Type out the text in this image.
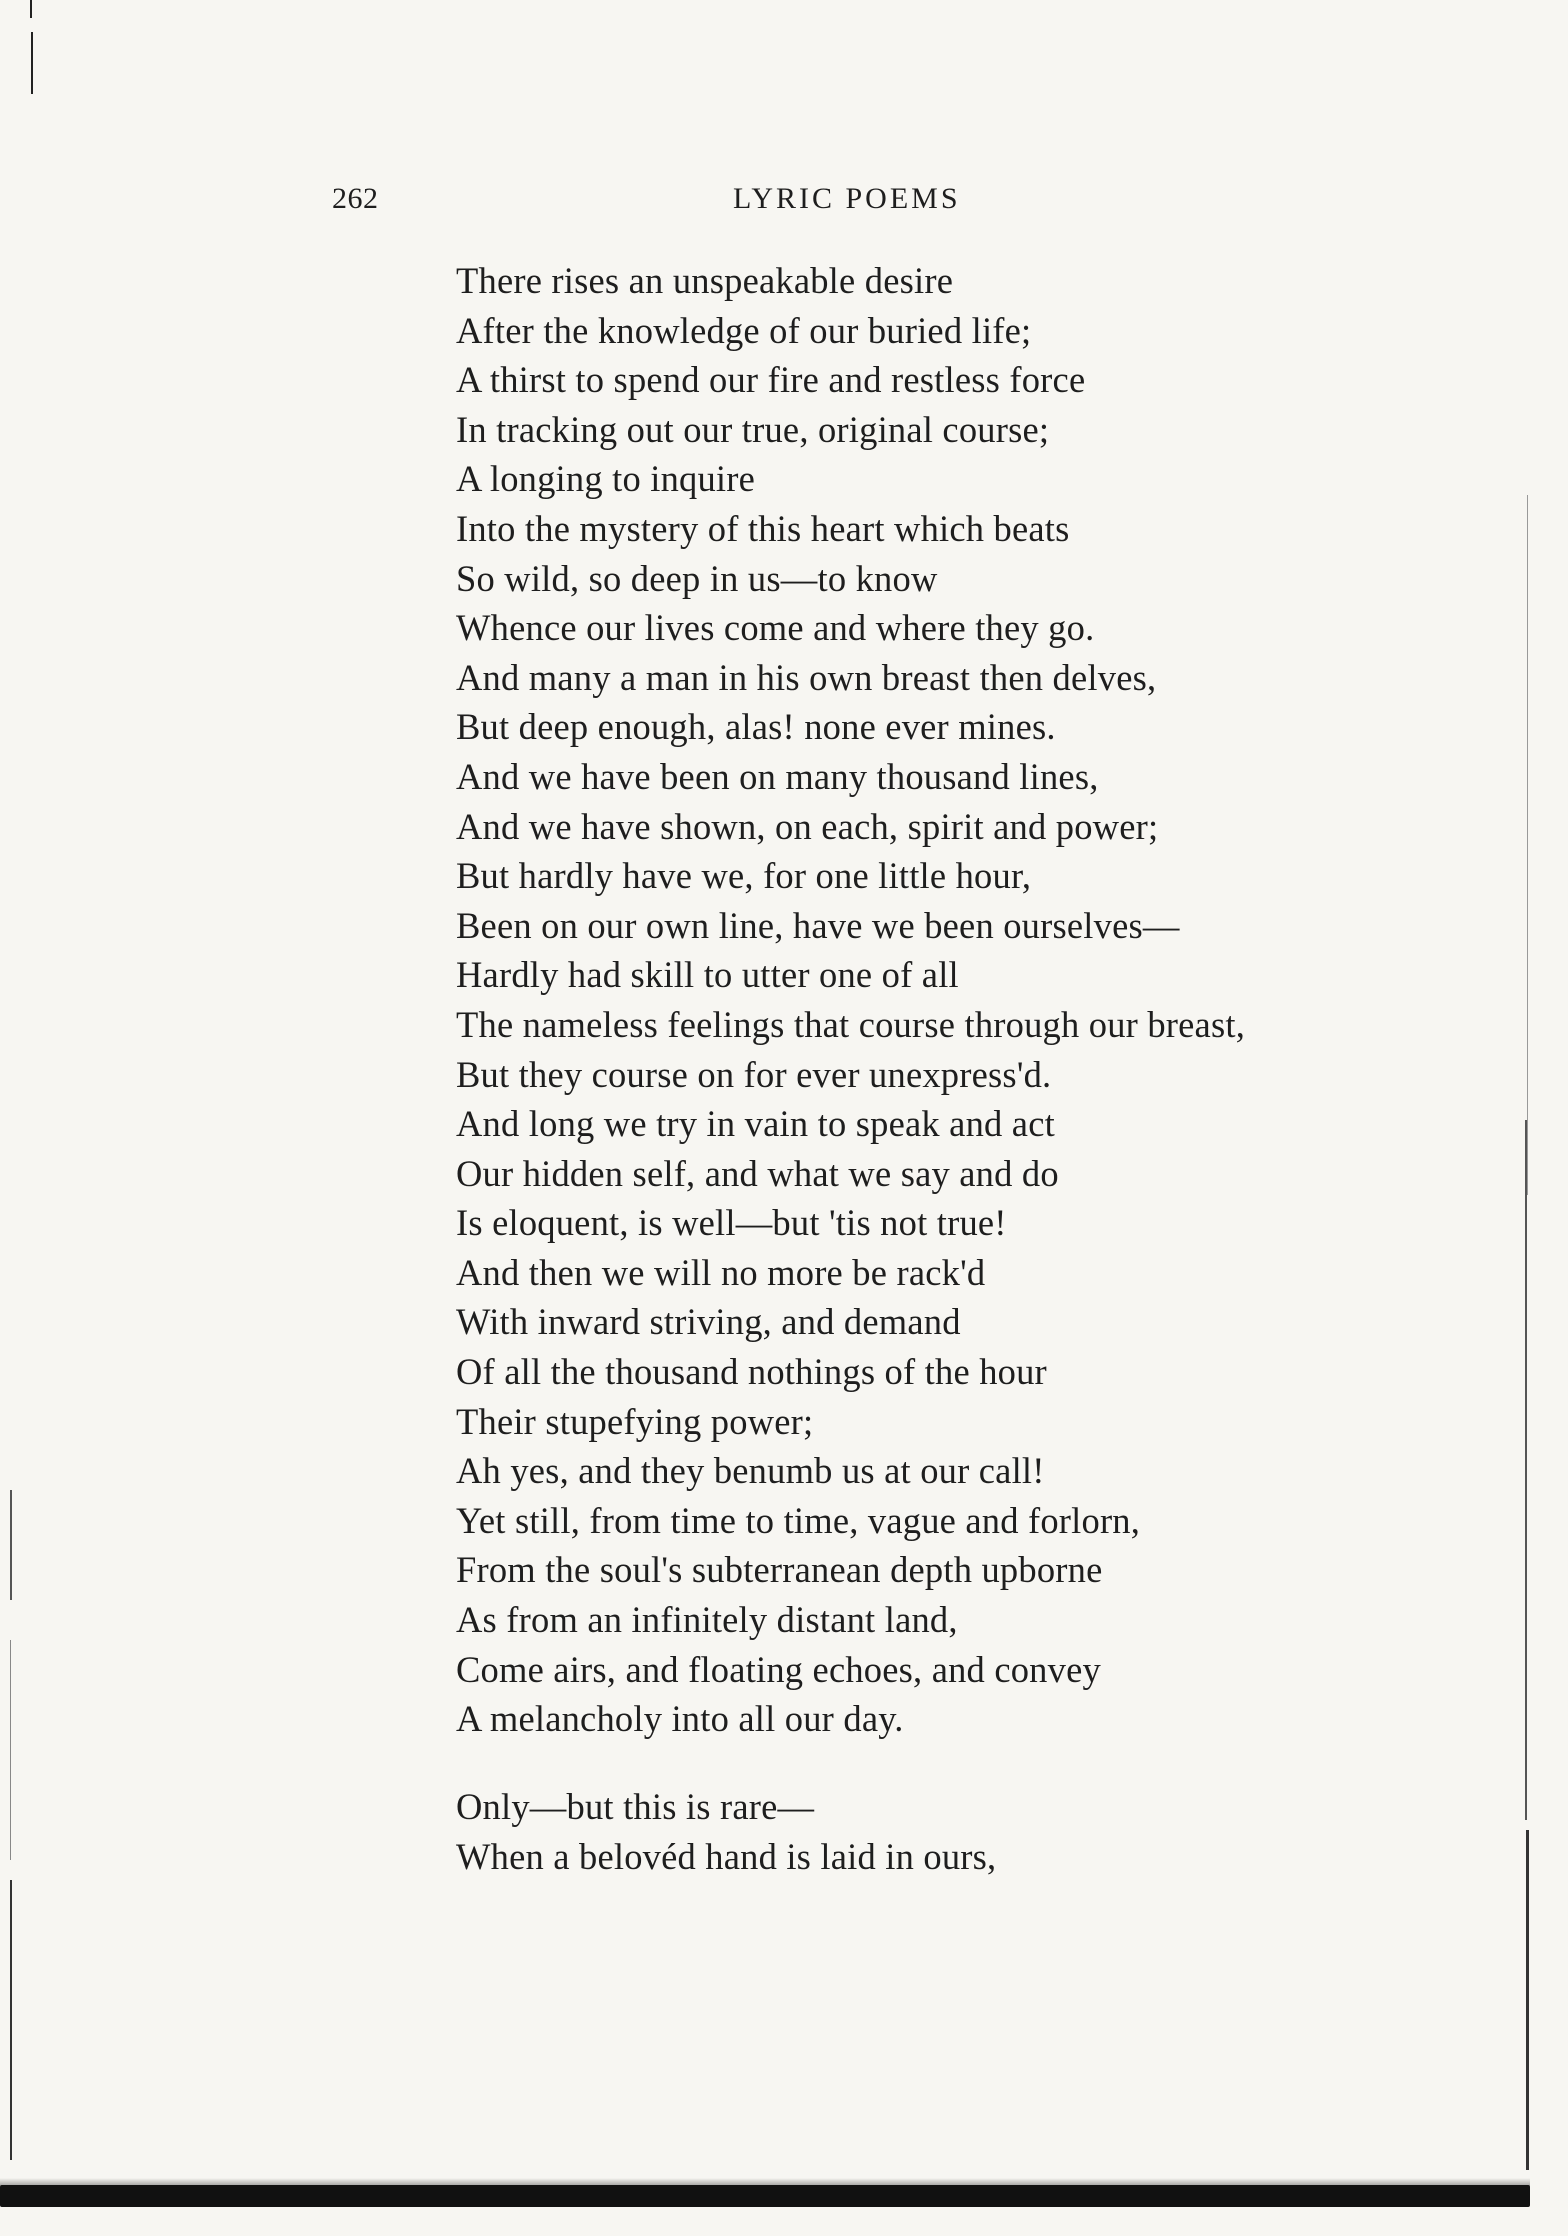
262	LYRIC POEMS
There rises an unspeakable desire
After the knowledge of our buried life;
A thirst to spend our fire and restless force
In tracking out our true, original course;
A longing to inquire
Into the mystery of this heart which beats
So wild, so deep in us—to know
Whence our lives come and where they go.
And many a man in his own breast then delves,
But deep enough, alas! none ever mines.
And we have been on many thousand lines,
And we have shown, on each, spirit and power;
But hardly have we, for one little hour,
Been on our own line, have we been ourselves—
Hardly had skill to utter one of all
The nameless feelings that course through our breast,
But they course on for ever unexpress'd.
And long we try in vain to speak and act
Our hidden self, and what we say and do
Is eloquent, is well—but 'tis not true!
And then we will no more be rack'd
With inward striving, and demand
Of all the thousand nothings of the hour
Their stupefying power;
Ah yes, and they benumb us at our call!
Yet still, from time to time, vague and forlorn,
From the soul's subterranean depth upborne
As from an infinitely distant land,
Come airs, and floating echoes, and convey
A melancholy into all our day.
Only—but this is rare—
When a belovéd hand is laid in ours,
